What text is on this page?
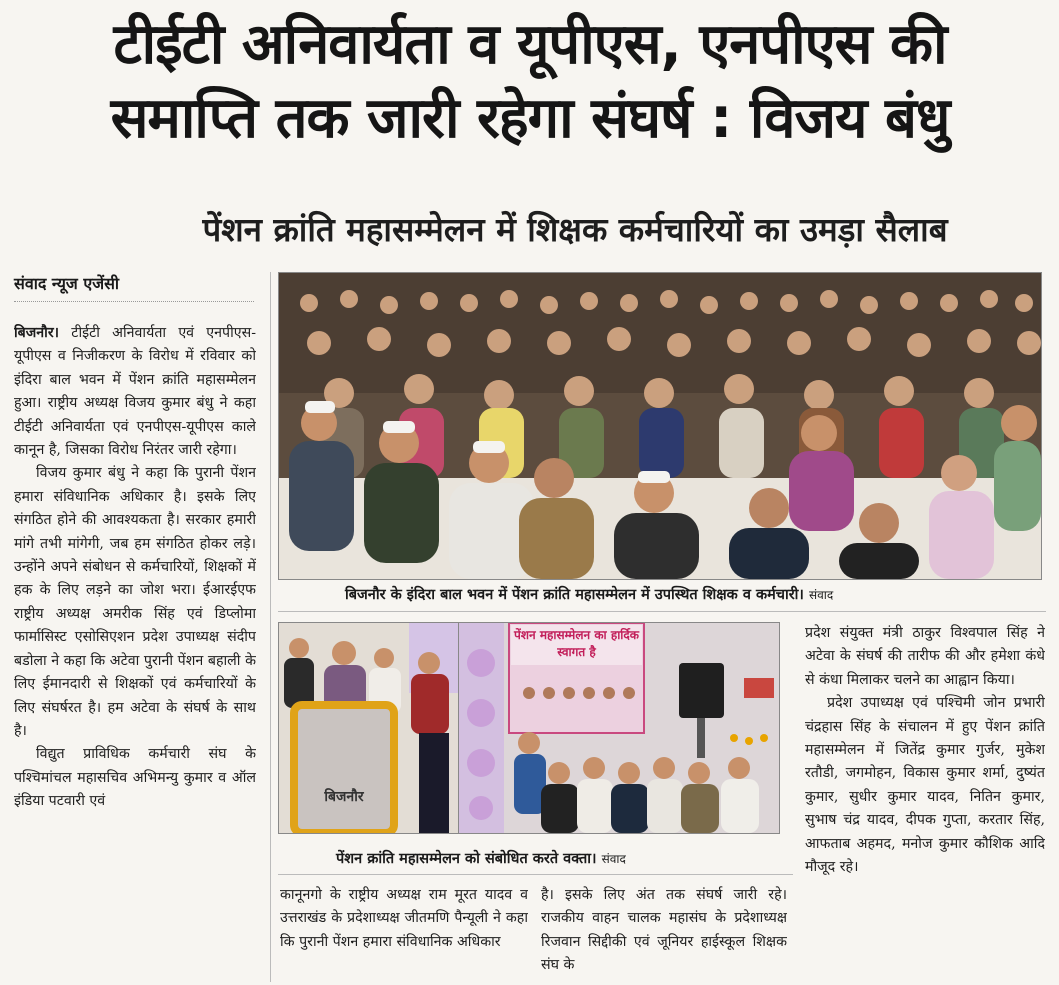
टीईटी अनिवार्यता व यूपीएस, एनपीएस की
समाप्ति तक जारी रहेगा संघर्ष : विजय बंधु
पेंशन क्रांति महासम्मेलन में शिक्षक कर्मचारियों का उमड़ा सैलाब
संवाद न्यूज एजेंसी

बिजनौर। टीईटी अनिवार्यता एवं एनपीएस-यूपीएस व निजीकरण के विरोध में रविवार को इंदिरा बाल भवन में पेंशन क्रांति महासम्मेलन हुआ। राष्ट्रीय अध्यक्ष विजय कुमार बंधु ने कहा टीईटी अनिवार्यता एवं एनपीएस-यूपीएस काले कानून है, जिसका विरोध निरंतर जारी रहेगा।

विजय कुमार बंधु ने कहा कि पुरानी पेंशन हमारा संविधानिक अधिकार है। इसके लिए संगठित होने की आवश्यकता है। सरकार हमारी मांगे तभी मांगेगी, जब हम संगठित होकर लड़े। उन्होंने अपने संबोधन से कर्मचारियों, शिक्षकों में हक के लिए लड़ने का जोश भरा। ईआरईएफ राष्ट्रीय अध्यक्ष अमरीक सिंह एवं डिप्लोमा फार्मासिस्ट एसोसिएशन प्रदेश उपाध्यक्ष संदीप बडोला ने कहा कि अटेवा पुरानी पेंशन बहाली के लिए ईमानदारी से शिक्षकों एवं कर्मचारियों के लिए संघर्षरत है। हम अटेवा के संघर्ष के साथ है।

विद्युत प्राविधिक कर्मचारी संघ के पश्चिमांचल महासचिव अभिमन्यु कुमार व ऑल इंडिया पटवारी एवं

बिजनौर के इंदिरा बाल भवन में पेंशन क्रांति महासम्मेलन में उपस्थित शिक्षक व कर्मचारी। संवाद
बिजनौर
पेंशन महासम्मेलन का हार्दिक स्वागत है
पेंशन क्रांति महासम्मेलन को संबोधित करते वक्ता। संवाद

कानूनगो के राष्ट्रीय अध्यक्ष राम मूरत यादव व उत्तराखंड के प्रदेशाध्यक्ष जीतमणि पैन्यूली ने कहा कि पुरानी पेंशन हमारा संविधानिक अधिकार

है। इसके लिए अंत तक संघर्ष जारी रहे। राजकीय वाहन चालक महासंघ के प्रदेशाध्यक्ष रिजवान सिद्दीकी एवं जूनियर हाईस्कूल शिक्षक संघ के

प्रदेश संयुक्त मंत्री ठाकुर विश्वपाल सिंह ने अटेवा के संघर्ष की तारीफ की और हमेशा कंधे से कंधा मिलाकर चलने का आह्वान किया।

प्रदेश उपाध्यक्ष एवं पश्चिमी जोन प्रभारी चंद्रहास सिंह के संचालन में हुए पेंशन क्रांति महासम्मेलन में जितेंद्र कुमार गुर्जर, मुकेश रतौडी, जगमोहन, विकास कुमार शर्मा, दुष्यंत कुमार, सुधीर कुमार यादव, नितिन कुमार, सुभाष चंद्र यादव, दीपक गुप्ता, करतार सिंह, आफताब अहमद, मनोज कुमार कौशिक आदि मौजूद रहे।
